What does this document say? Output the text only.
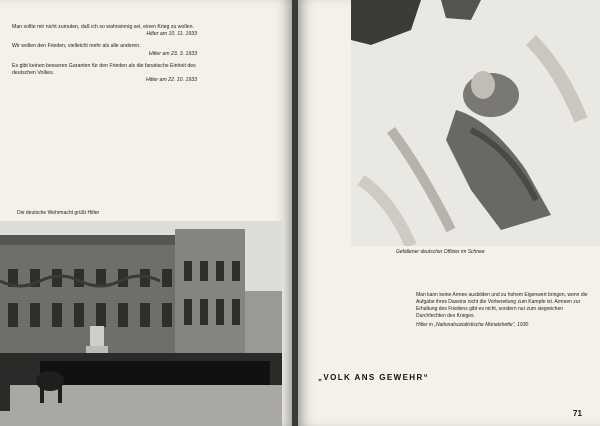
Man sollte mir nicht zumuten, daß ich so wahnsinnig sei, einen Krieg zu wollen.

Hitler am 10. 11. 1933

Wir wollen den Frieden, vielleicht mehr als alle anderen.

Hitler am 23. 3. 1933

Es gibt keinen besseren Garanten für den Frieden als die fanatische Einheit des deutschen Volkes.

Hitler am 22. 10. 1933

Die deutsche Wehrmacht grüßt Hitler
Gefallener deutscher Offizier im Schnee

Man kann keine Armee ausbilden und zu hohem Eigenwert bringen, wenn die Aufgabe ihres Daseins nicht die Vorbereitung zum Kampfe ist. Armeen zur Erhaltung des Friedens gibt es nicht, sondern nur zum siegreichen Durchfechten des Krieges.

Hitler in „Nationalsozialistische Monatshefte“, 1930

„VOLK ANS GEWEHR“
71
